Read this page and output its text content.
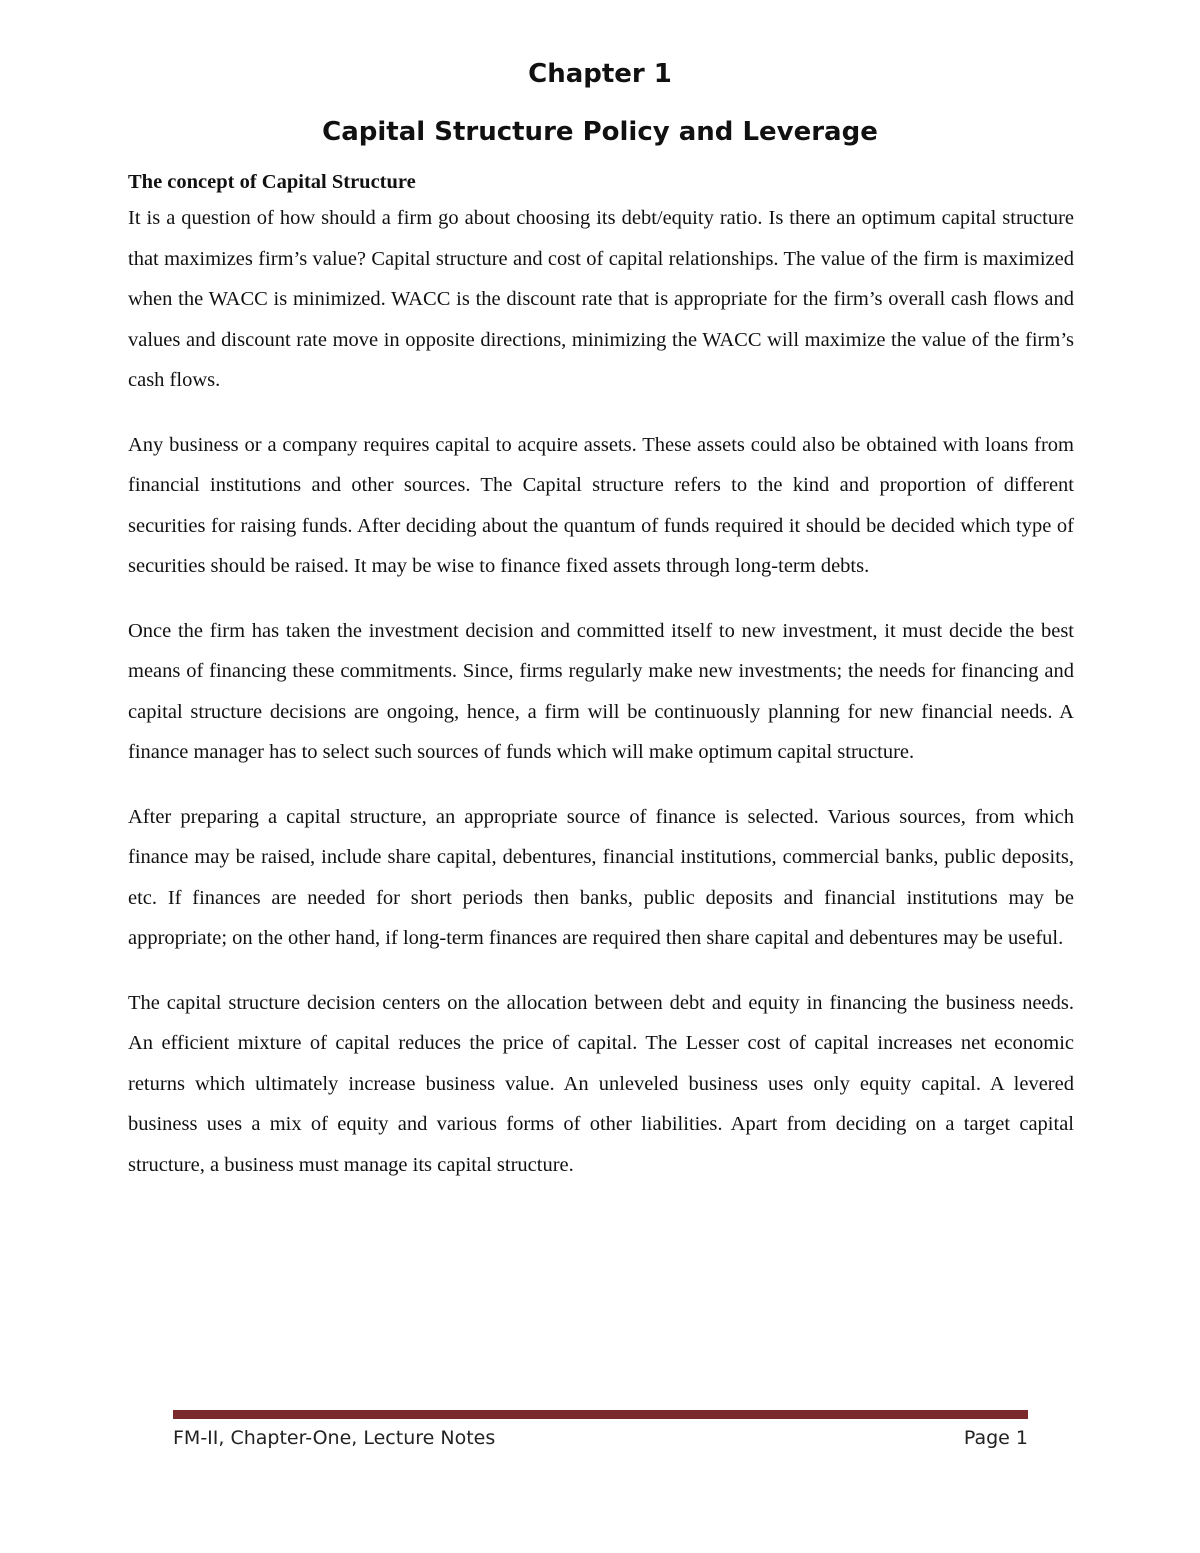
Chapter 1
Capital Structure Policy and Leverage
The concept of Capital Structure

It is a question of how should a firm go about choosing its debt/equity ratio. Is there an optimum capital structure that maximizes firm’s value? Capital structure and cost of capital relationships. The value of the firm is maximized when the WACC is minimized. WACC is the discount rate that is appropriate for the firm’s overall cash flows and values and discount rate move in opposite directions, minimizing the WACC will maximize the value of the firm’s cash flows.

Any business or a company requires capital to acquire assets. These assets could also be obtained with loans from financial institutions and other sources. The Capital structure refers to the kind and proportion of different securities for raising funds. After deciding about the quantum of funds required it should be decided which type of securities should be raised. It may be wise to finance fixed assets through long-term debts.

Once the firm has taken the investment decision and committed itself to new investment, it must decide the best means of financing these commitments. Since, firms regularly make new investments; the needs for financing and capital structure decisions are ongoing, hence, a firm will be continuously planning for new financial needs. A finance manager has to select such sources of funds which will make optimum capital structure.

After preparing a capital structure, an appropriate source of finance is selected. Various sources, from which finance may be raised, include share capital, debentures, financial institutions, commercial banks, public deposits, etc. If finances are needed for short periods then banks, public deposits and financial institutions may be appropriate; on the other hand, if long-term finances are required then share capital and debentures may be useful.

The capital structure decision centers on the allocation between debt and equity in financing the business needs. An efficient mixture of capital reduces the price of capital. The Lesser cost of capital increases net economic returns which ultimately increase business value. An unleveled business uses only equity capital. A levered business uses a mix of equity and various forms of other liabilities. Apart from deciding on a target capital structure, a business must manage its capital structure.

FM-II, Chapter-One, Lecture Notes	Page 1
